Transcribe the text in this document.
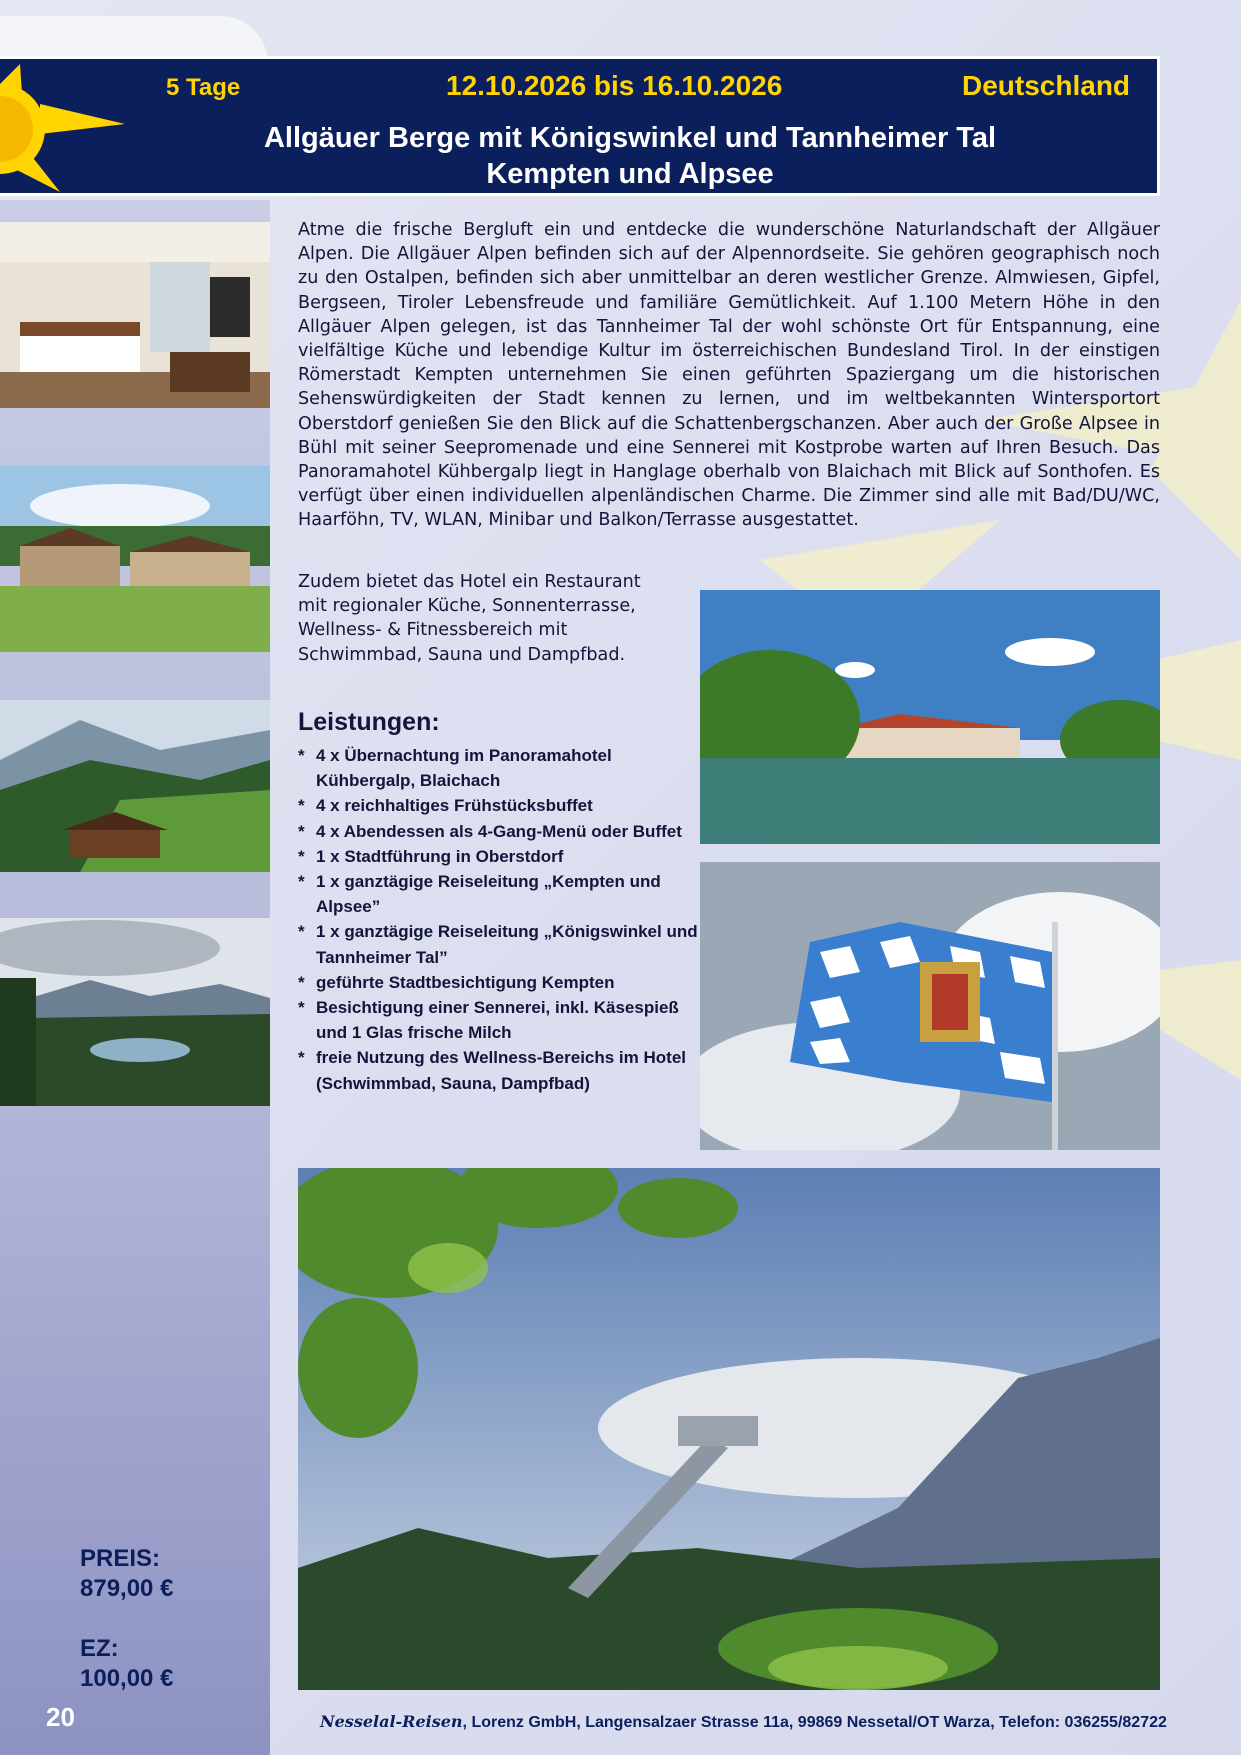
5 Tage	12.10.2026 bis 16.10.2026	Deutschland
Allgäuer Berge mit Königswinkel und Tannheimer Tal
Kempten und Alpsee

Atme die frische Bergluft ein und entdecke die wunderschöne Naturlandschaft der Allgäuer Alpen. Die Allgäuer Alpen befinden sich auf der Alpennordseite. Sie gehören geographisch noch zu den Ostalpen, befinden sich aber unmittelbar an deren westlicher Grenze. Almwiesen, Gipfel, Bergseen, Tiroler Lebensfreude und familiäre Gemütlichkeit. Auf 1.100 Metern Höhe in den Allgäuer Alpen gelegen, ist das Tannheimer Tal der wohl schönste Ort für Entspannung, eine vielfältige Küche und lebendige Kultur im österreichischen Bundesland Tirol. In der einstigen Römerstadt Kempten unternehmen Sie einen geführten Spaziergang um die historischen Sehenswürdigkeiten der Stadt kennen zu lernen, und im weltbekannten Wintersportort Oberstdorf genießen Sie den Blick auf die Schattenbergschanzen. Aber auch der Große Alpsee in Bühl mit seiner Seepromenade und eine Sennerei mit Kostprobe warten auf Ihren Besuch. Das Panoramahotel Kühbergalp liegt in Hanglage oberhalb von Blaichach mit Blick auf Sonthofen. Es verfügt über einen individuellen alpenländischen Charme. Die Zimmer sind alle mit Bad/DU/WC, Haarföhn, TV, WLAN, Minibar und Balkon/Terrasse ausgestattet.

Zudem bietet das Hotel ein Restaurant mit regionaler Küche, Sonnenterrasse, Wellness- & Fitnessbereich mit Schwimmbad, Sauna und Dampfbad.

Leistungen:
* 4 x Übernachtung im Panoramahotel Kühbergalp, Blaichach
* 4 x reichhaltiges Frühstücksbuffet
* 4 x Abendessen als 4-Gang-Menü oder Buffet
* 1 x Stadtführung in Oberstdorf
* 1 x ganztägige Reiseleitung „Kempten und Alpsee”
* 1 x ganztägige Reiseleitung „Königswinkel und Tannheimer Tal”
* geführte Stadtbesichtigung Kempten
* Besichtigung einer Sennerei, inkl. Käsespieß und 1 Glas frische Milch
* freie Nutzung des Wellness-Bereichs im Hotel (Schwimmbad, Sauna, Dampfbad)
PREIS:
879,00 €
EZ:
100,00 €
20	Nesselal-Reisen, Lorenz GmbH, Langensalzaer Strasse 11a, 99869 Nessetal/OT Warza, Telefon: 036255/82722
